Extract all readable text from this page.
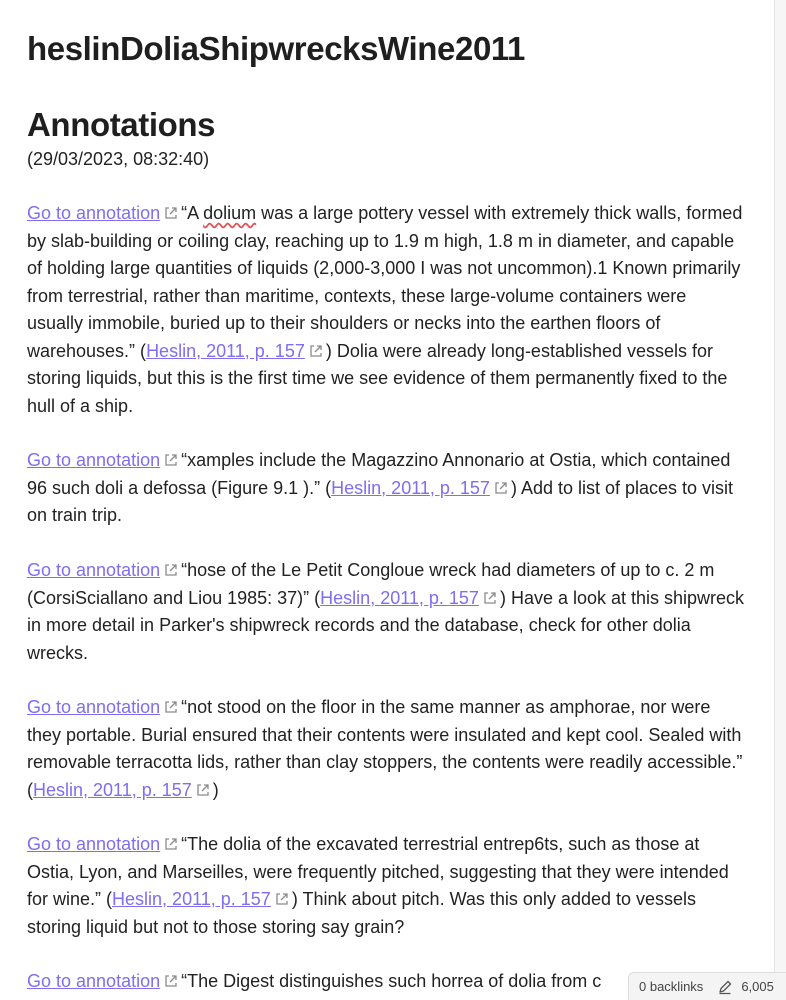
heslinDoliaShipwrecksWine2011
Annotations
(29/03/2023, 08:32:40)

Go to annotation “A dolium was a large pottery vessel with extremely thick walls, formed by slab-building or coiling clay, reaching up to 1.9 m high, 1.8 m in diameter, and capable of holding large quantities of liquids (2,000-3,000 I was not uncommon).1 Known primarily from terrestrial, rather than maritime, contexts, these large-volume containers were usually immobile, buried up to their shoulders or necks into the earthen floors of warehouses.” (Heslin, 2011, p. 157 ) Dolia were already long-established vessels for storing liquids, but this is the first time we see evidence of them permanently fixed to the hull of a ship.

Go to annotation “xamples include the Magazzino Annonario at Ostia, which contained 96 such doli a defossa (Figure 9.1 ).” (Heslin, 2011, p. 157 ) Add to list of places to visit on train trip.

Go to annotation “hose of the Le Petit Congloue wreck had diameters of up to c. 2 m (CorsiSciallano and Liou 1985: 37)” (Heslin, 2011, p. 157 ) Have a look at this shipwreck in more detail in Parker's shipwreck records and the database, check for other dolia wrecks.

Go to annotation “not stood on the floor in the same manner as amphorae, nor were they portable. Burial ensured that their contents were insulated and kept cool. Sealed with removable terracotta lids, rather than clay stoppers, the contents were readily accessible.” (Heslin, 2011, p. 157 )

Go to annotation “The dolia of the excavated terrestrial entrep6ts, such as those at Ostia, Lyon, and Marseilles, were frequently pitched, suggesting that they were intended for wine.” (Heslin, 2011, p. 157 ) Think about pitch. Was this only added to vessels storing liquid but not to those storing say grain?

Go to annotation “The Digest distinguishes such horrea of dolia from c	0 backlinks	6,005
